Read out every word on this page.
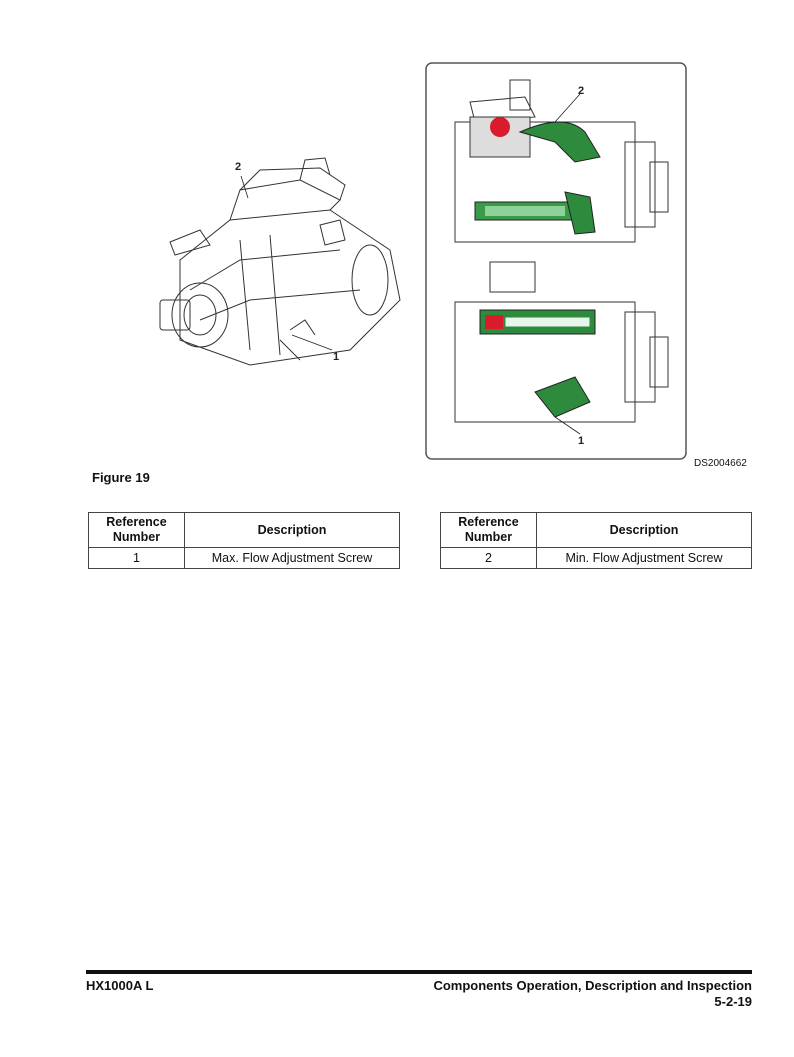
2
1
2
1
DS2004662
Figure 19
Reference Number	Description
1	Max. Flow Adjustment Screw
Reference Number	Description
2	Min. Flow Adjustment Screw
HX1000A L	Components Operation, Description and Inspection
5-2-19
